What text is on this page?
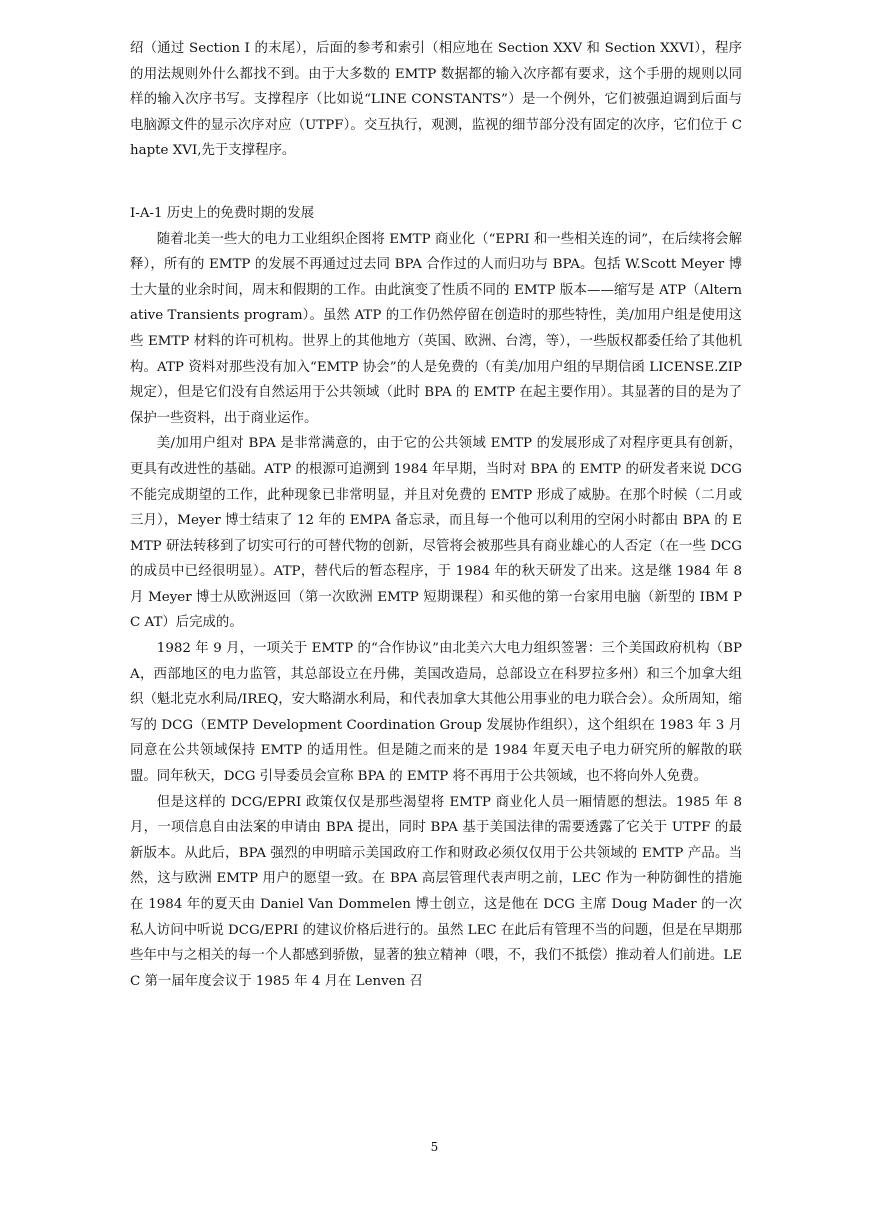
绍（通过 Section Ⅰ 的末尾），后面的参考和索引（相应地在 Section XXV 和 Section XXVI），程序的用法规则外什么都找不到。由于大多数的 EMTP 数据都的输入次序都有要求，这个手册的规则以同样的输入次序书写。支撑程序（比如说“LINE CONSTANTS”）是一个例外，它们被强迫调到后面与电脑源文件的显示次序对应（UTPF）。交互执行，观测，监视的细节部分没有固定的次序，它们位于 Chapte XVI,先于支撑程序。

I-A-1 历史上的免费时期的发展

随着北美一些大的电力工业组织企图将 EMTP 商业化（“EPRI 和一些相关连的词”，在后续将会解释），所有的 EMTP 的发展不再通过过去同 BPA 合作过的人而归功与 BPA。包括 W.Scott Meyer 博士大量的业余时间，周末和假期的工作。由此演变了性质不同的 EMTP 版本——缩写是 ATP（Alternative Transients program）。虽然 ATP 的工作仍然停留在创造时的那些特性，美/加用户组是使用这些 EMTP 材料的许可机构。世界上的其他地方（英国、欧洲、台湾，等），一些版权都委任给了其他机构。ATP 资料对那些没有加入“EMTP 协会”的人是免费的（有美/加用户组的早期信函 LICENSE.ZIP 规定），但是它们没有自然运用于公共领域（此时 BPA 的 EMTP 在起主要作用）。其显著的目的是为了保护一些资料，出于商业运作。

美/加用户组对 BPA 是非常满意的，由于它的公共领域 EMTP 的发展形成了对程序更具有创新，更具有改进性的基础。ATP 的根源可追溯到 1984 年早期，当时对 BPA 的 EMTP 的研发者来说 DCG 不能完成期望的工作，此种现象已非常明显，并且对免费的 EMTP 形成了威胁。在那个时候（二月或三月），Meyer 博士结束了 12 年的 EMPA 备忘录，而且每一个他可以利用的空闲小时都由 BPA 的 EMTP 研法转移到了切实可行的可替代物的创新，尽管将会被那些具有商业雄心的人否定（在一些 DCG 的成员中已经很明显）。ATP，替代后的暂态程序，于 1984 年的秋天研发了出来。这是继 1984 年 8 月 Meyer 博士从欧洲返回（第一次欧洲 EMTP 短期课程）和买他的第一台家用电脑（新型的 IBM PC AT）后完成的。

1982 年 9 月，一项关于 EMTP 的“合作协议”由北美六大电力组织签署：三个美国政府机构（BPA，西部地区的电力监管，其总部设立在丹佛，美国改造局，总部设立在科罗拉多州）和三个加拿大组织（魁北克水利局/IREQ，安大略湖水利局，和代表加拿大其他公用事业的电力联合会）。众所周知，缩写的 DCG（EMTP Development Coordination Group 发展协作组织），这个组织在 1983 年 3 月同意在公共领域保持 EMTP 的适用性。但是随之而来的是 1984 年夏天电子电力研究所的解散的联盟。同年秋天，DCG 引导委员会宣称 BPA 的 EMTP 将不再用于公共领域，也不将向外人免费。

但是这样的 DCG/EPRI 政策仅仅是那些渴望将 EMTP 商业化人员一厢情愿的想法。1985 年 8 月，一项信息自由法案的申请由 BPA 提出，同时 BPA 基于美国法律的需要透露了它关于 UTPF 的最新版本。从此后，BPA 强烈的申明暗示美国政府工作和财政必须仅仅用于公共领域的 EMTP 产品。当然，这与欧洲 EMTP 用户的愿望一致。在 BPA 高层管理代表声明之前，LEC 作为一种防御性的措施在 1984 年的夏天由 Daniel Van Dommelen 博士创立，这是他在 DCG 主席 Doug Mader 的一次私人访问中听说 DCG/EPRI 的建议价格后进行的。虽然 LEC 在此后有管理不当的问题，但是在早期那些年中与之相关的每一个人都感到骄傲，显著的独立精神（喂，不，我们不抵偿）推动着人们前进。LEC 第一届年度会议于 1985 年 4 月在 Lenven 召

5
